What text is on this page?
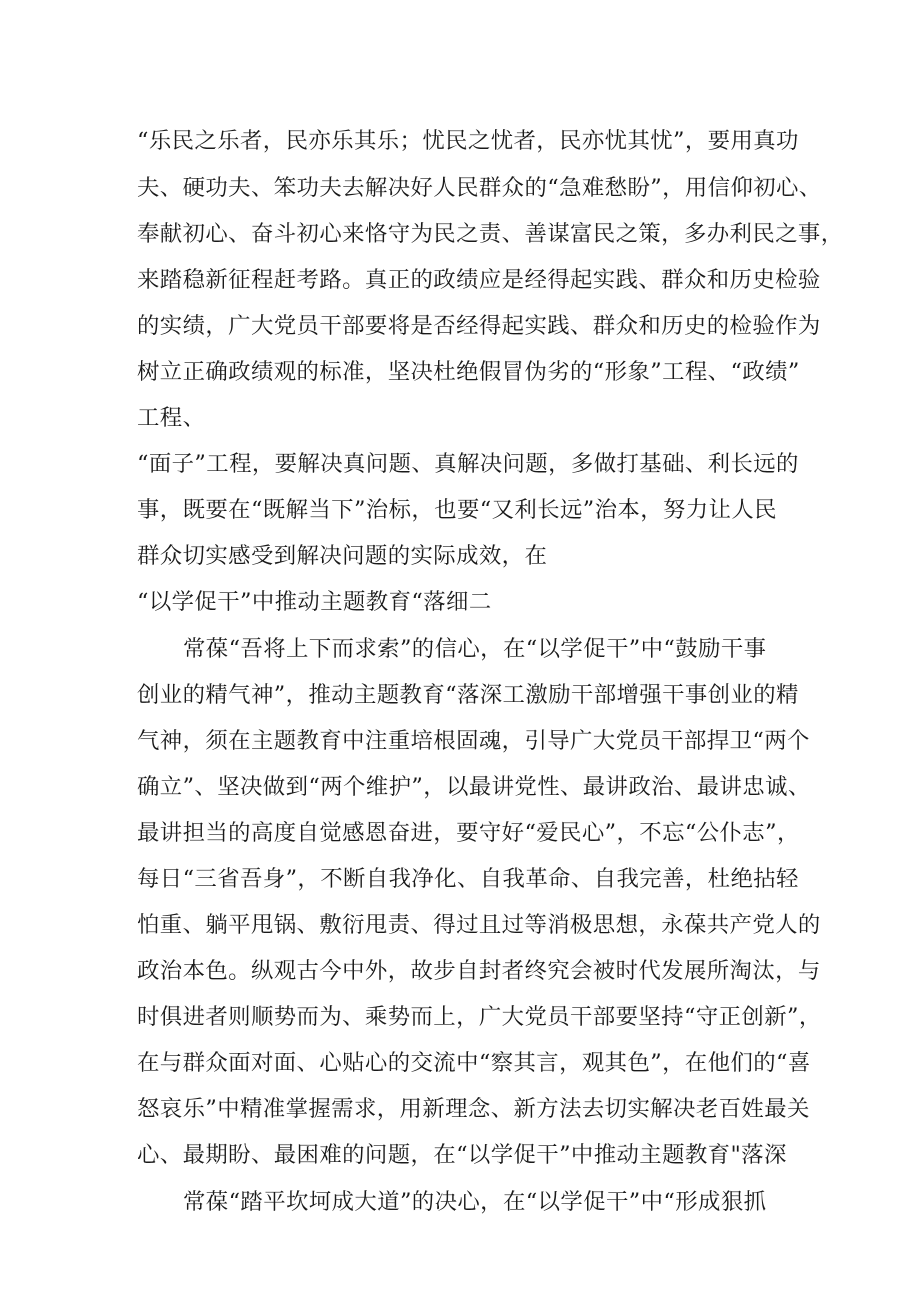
“乐民之乐者，民亦乐其乐；忧民之忧者，民亦忧其忧”，要用真功
夫、硬功夫、笨功夫去解决好人民群众的“急难愁盼”，用信仰初心、
奉献初心、奋斗初心来恪守为民之责、善谋富民之策，多办利民之事，
来踏稳新征程赶考路。真正的政绩应是经得起实践、群众和历史检验
的实绩，广大党员干部要将是否经得起实践、群众和历史的检验作为
树立正确政绩观的标准，坚决杜绝假冒伪劣的“形象”工程、“政绩”
工程、
“面子”工程，要解决真问题、真解决问题，多做打基础、利长远的
事，既要在“既解当下”治标，也要“又利长远”治本，努力让人民
群众切实感受到解决问题的实际成效，在
“以学促干”中推动主题教育“落细二
常葆“吾将上下而求索”的信心，在“以学促干”中“鼓励干事
创业的精气神”，推动主题教育“落深工激励干部增强干事创业的精
气神，须在主题教育中注重培根固魂，引导广大党员干部捍卫“两个
确立”、坚决做到“两个维护”，以最讲党性、最讲政治、最讲忠诚、
最讲担当的高度自觉感恩奋进，要守好“爱民心”，不忘“公仆志”，
每日“三省吾身”，不断自我净化、自我革命、自我完善，杜绝拈轻
怕重、躺平甩锅、敷衍甩责、得过且过等消极思想，永葆共产党人的
政治本色。纵观古今中外，故步自封者终究会被时代发展所淘汰，与
时俱进者则顺势而为、乘势而上，广大党员干部要坚持“守正创新”，
在与群众面对面、心贴心的交流中“察其言，观其色”，在他们的“喜
怒哀乐”中精准掌握需求，用新理念、新方法去切实解决老百姓最关
心、最期盼、最困难的问题，在“以学促干”中推动主题教育"落深
常葆“踏平坎坷成大道”的决心，在“以学促干”中“形成狠抓
